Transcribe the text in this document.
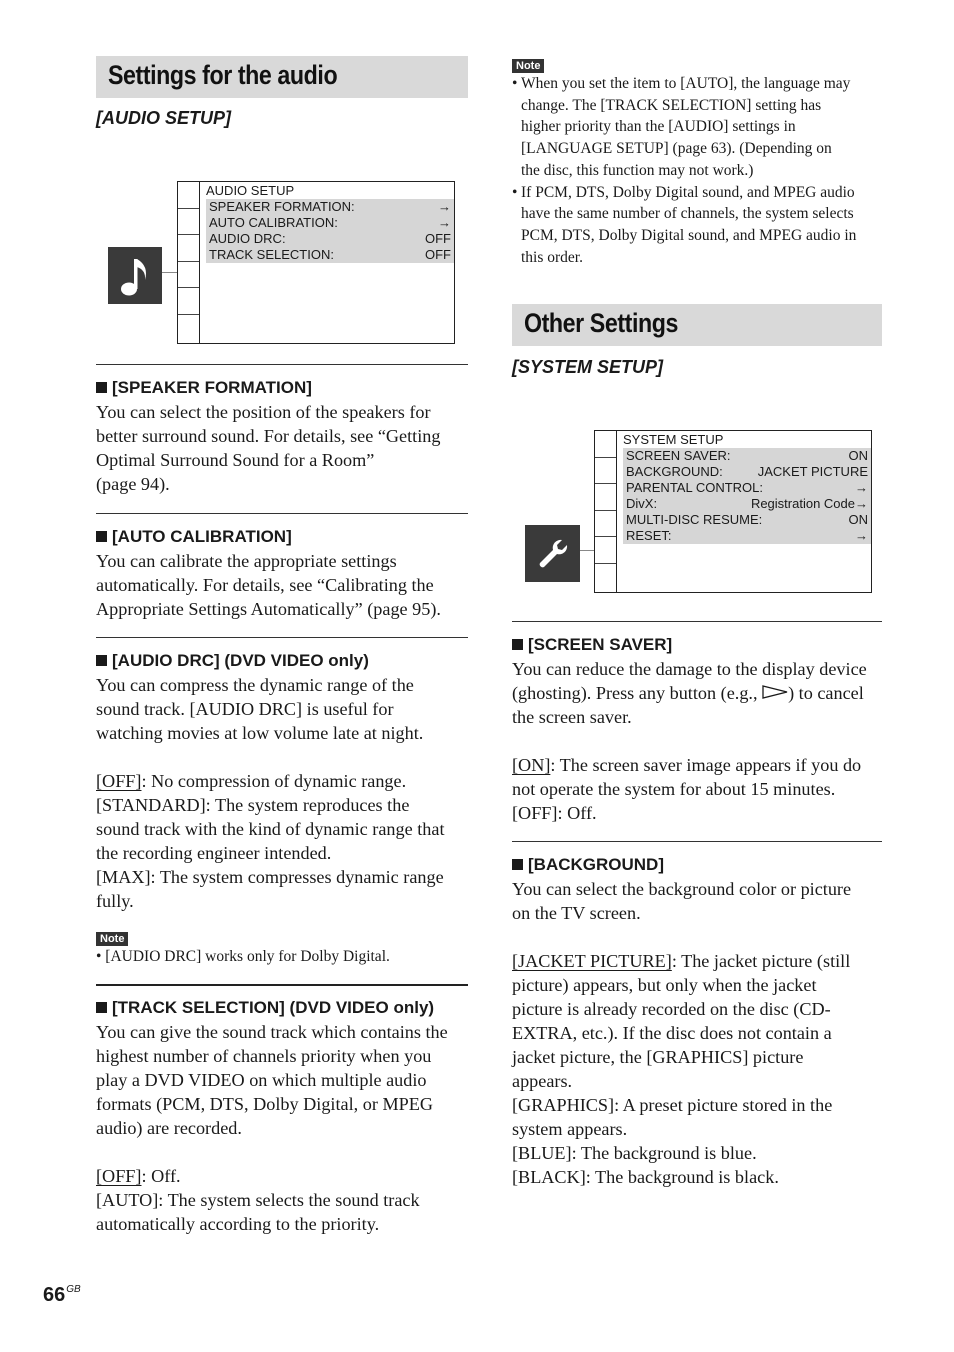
Settings for the audio
[AUDIO SETUP]
AUDIO SETUP
SPEAKER FORMATION:	→
AUTO CALIBRATION:	→
AUDIO DRC:	OFF
TRACK SELECTION:	OFF
[SPEAKER FORMATION]

You can select the position of the speakers for
better surround sound. For details, see “Getting
Optimal Surround Sound for a Room”
(page 94).

[AUTO CALIBRATION]

You can calibrate the appropriate settings
automatically. For details, see “Calibrating the
Appropriate Settings Automatically” (page 95).

[AUDIO DRC] (DVD VIDEO only)

You can compress the dynamic range of the
sound track. [AUDIO DRC] is useful for
watching movies at low volume late at night.

[OFF]: No compression of dynamic range.
[STANDARD]: The system reproduces the
sound track with the kind of dynamic range that
the recording engineer intended.
[MAX]: The system compresses dynamic range
fully.

Note
• [AUDIO DRC] works only for Dolby Digital.
[TRACK SELECTION] (DVD VIDEO only)

You can give the sound track which contains the
highest number of channels priority when you
play a DVD VIDEO on which multiple audio
formats (PCM, DTS, Dolby Digital, or MPEG
audio) are recorded.

[OFF]: Off.
[AUTO]: The system selects the sound track
automatically according to the priority.

Note
• When you set the item to [AUTO], the language may
change. The [TRACK SELECTION] setting has
higher priority than the [AUDIO] settings in
[LANGUAGE SETUP] (page 63). (Depending on
the disc, this function may not work.)
• If PCM, DTS, Dolby Digital sound, and MPEG audio
have the same number of channels, the system selects
PCM, DTS, Dolby Digital sound, and MPEG audio in
this order.
Other Settings
[SYSTEM SETUP]
SYSTEM SETUP
SCREEN SAVER:	ON
BACKGROUND:	JACKET PICTURE
PARENTAL CONTROL:	→
DivX:	Registration Code→
MULTI-DISC RESUME:	ON
RESET:	→
[SCREEN SAVER]

You can reduce the damage to the display device
(ghosting). Press any button (e.g., ) to cancel
the screen saver.

[ON]: The screen saver image appears if you do
not operate the system for about 15 minutes.
[OFF]: Off.

[BACKGROUND]

You can select the background color or picture
on the TV screen.

[JACKET PICTURE]: The jacket picture (still
picture) appears, but only when the jacket
picture is already recorded on the disc (CD-
EXTRA, etc.). If the disc does not contain a
jacket picture, the [GRAPHICS] picture
appears.
[GRAPHICS]: A preset picture stored in the
system appears.
[BLUE]: The background is blue.
[BLACK]: The background is black.

$66^{GB}$
